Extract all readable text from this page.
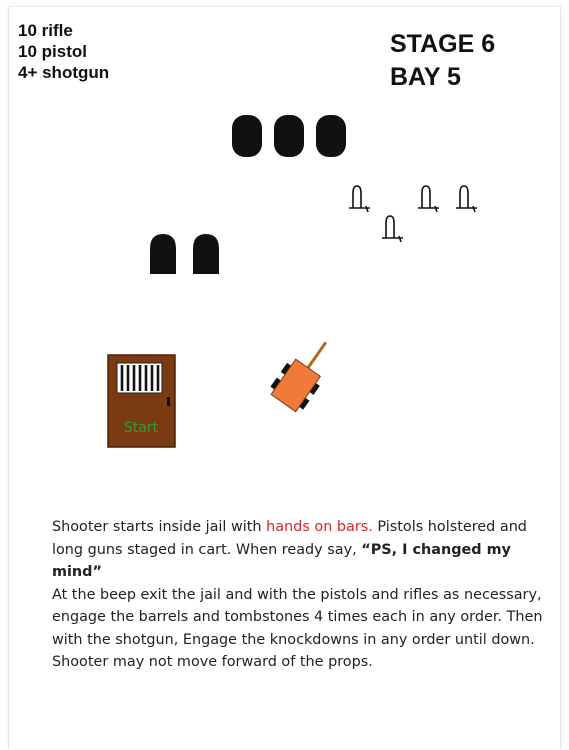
10 rifle
10 pistol
4+ shotgun
STAGE 6
BAY 5
Start

Shooter starts inside jail with hands on bars. Pistols holstered and long guns staged in cart. When ready say, “PS, I changed my mind”

At the beep exit the jail and with the pistols and rifles as necessary, engage the barrels and tombstones 4 times each in any order. Then with the shotgun, Engage the knockdowns in any order until down. Shooter may not move forward of the props.
